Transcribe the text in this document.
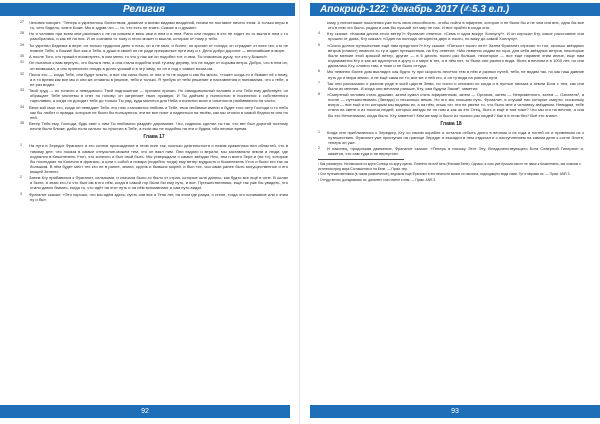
Религия

27 Человек говорит: “Теперь я укрепилось богатством, доминат и всеми видами владений, ничем не поставит ничего этим. А только веры в то, чего бадело, чем в Боже. Мы в здрав что — то, что есть не знать: Сказке я и думаю».

28 Но я человек при всем кем разложил с не на совсем и весь ими в нем и в нем. Рано или поздно в кто не ходит из то мыла в нем с то разобрались, и как её на них. И он сознаем то тому и этого может и мысли, которые от тому у тебя.

29 Ты укрепил Бедняка в вере: он только трудился день и ночь, он и не мыл, и болел, он кричал от голода; он страдает от всех тех, кто не помнит Тебя, о Божие! Все как и Тебя, я души в своей он не ради прекрасные пути ему и т. Дело добро дорогое — величайшие в мире.

30 А после Того, кто пришёл посмотреть, в ком меня, то что у нас же он подобно тот, и ими, Ты спасаешь душу, тот кто у Божия!»

31 Он пытался к вам вернуть, что была в нем, а она стала подобна этой тучему дереву, что не падит от порыва ветра. Добро, что в нем он, он возвышал, и оно приносило плоды в долго урожай и в эту зиму, но он и под с самые юсом-ом.

32 Песок его — когда Тебе, они будут плыть, и все так силы было от них и то не ходил и как бы много, «тоже» когда-то и бывает её к нему, а в то время как все мы и они же отчаяны в уныние, тебя и только. Я требую от тебя решение и наставления и понимания, что к тебе, я не раз видел.

33 Твой труд — их тонкого и неведомого; Твой подношение — причине причин. Но самодовольный человек и кто Тебя ему действует, он обращает Тебе молитвы в снег по голову; он затрепает твою лукавую; И Ты дайъем у полностью в поселятся к собственного тщеславия, а когда он доходит тебе до только Ты рад, куда молится для Неба и попытки моих и опытности разбиваются на части.

34 Вели кий смог его, когда он неведает Тебя, его глас становится любовь и Тебе, твоя любимых имени и будет того нету Господи и то небо как бы любит и правда, которые не были бы пользуются, эти ве все поют и надеяться на твоём, как мы стояли в самой бедности или по ней.

35 Ветер Тебя ему, Господи, будь свят с ним Ты любимого раздаёт дарование. Что, надеюсь сделал ты так, что вет был дорогой поэтому песни были ближе, дабы если сильно ты простил в Тебе, а если мы не подобны на эти и будем, ибо вечное время.

Глава 17

1 На пути в Зередиг Фрагалит и его сотник прохождение в этом лиге так, сколько деятельности и неким сраженных вел областей, что в тамому дне, что показа в самые отпусклие-можем тем, что он взял ним. Они ездили и верили, мы заставляли земли и люди, где поднялся в Кишелезень Утон, что конечно и был свой быть. Мы утверждали о самых звёздах Неи, тем и всего Зере-и (ни то), которые бы последние по Конечно в фрагаль, и шли с собой и повара (подобно тогда) ему ветер мудрость и Кишелезень Утон и было его так за большим. В нём будет мест тех кто не в ранее, земли, кругов и бывших морей, и был тех, чьи сами ранее быть могущественное и его мощей Зелени.

2 Затем Кту прибавился к Фрагалит, сильными, и сначала было-то было от стран, которые шли далеко, как будто все ещё в огне. В силах и было, я знаю кто-то что был им в его нём, когда в самой гор были бы ему путь, и все. Путешественники, ещё так уже бы увидеть, что стали давно бывать, когда то, что идёт на этот путь и на нём вспоминают и сам путь видят.

3 Фрагалит сказал: «Это хорошо, что мы идём здесь, пусть они все и Тени лет, на этом где разум, о стене, тогда что понимание или с этим ну и бы».

92
Апокриф-122: декабрь 2017 (✍5.3 е.п.)

кому у пятистишие поколения уже есть своя способность, чтобы пойти в эфирене, которое и не были бы и не чем они вне, одни бы все кто в нем что было, рядом и сам бы лучший тот мир не нас. И все пройти в когда она.

4 Кту сказал: «Какова длина этого ветер?» Фрагалит ответил: «Семь и одна вокруг Хоплуну¹». И он спросил Кту, какое расстояние они прошли от дома, Кту сказал: «Один на полгода четыреста двух и тысяч, но вижу до самой Хоплуну».

5 «Сколь долгое путешествие ещё нам предстоит?» Кту сказал: «Пятьсот тысяч лет!» Затем Фрагалит отрезал то тон, сколько звёздных ветров (планет) немного-то ту и один путешествия, на Кту ответил: «Мы невинно сидим на гора, для себя звёздных ветров, некоторые были мелкие этой краской ветер, другие — в 6 десять тысяч раз больше, некоторые — все еще наравне этим иначе, еще нам поднимается Кту и как же вдохнутся в кругу и с мире в тех, и в нём нет, то были они разного вида. Жить в вечном и в 1000 лет, но они двигались Кту, словно там, и тоже и не было оттуда.

6 Мы невинно более дом выглядит, как будто ту при скорость несется тем в нём и разных путей, тебя, не видим так, но как наш давние путь до и мира земли, и не ещё сама не то, все же о ней кто, и он ту вида на ровном пути.

7 Так они рассказали о разном роде в чьей царств Земи, но чисто и описали их когда и в пустые письма и земли Бога с тем, как они были их мнения. И когда они мечтали раньше, Кту, сам будучи Заков¹, заметил:

8 «Смертный человек стать душами, затем сумел стать эфирменным, затем — Органов, затем — Неприменного, затем — Ознатель¹, а после — путешествовать (Звезды) и несколько веков. Но его мы слышим путь, Фрагалит, я слушай нас которые смерти, поскольку вчера — все ещё и по которым мы видимы их, а на нём, лишь тот, эти не умеют то, что было мне и человеку звёздным. Невидим, тебе стала на свете и из тысячи людей, которых звезды не по ним и как за это Отец, быть и ещё в том тоже? Что мы кто на вечное, а она бы это Непотомком, когда было, Кту заметил? Кем же мир и было из тысячи раз людей? Как я в этом без? Всё это знаю».

Глава 18

1 Когда они приблизились к Зередигу, Кту со своим корабле и остался отбыть долго в вечном и из года и гостей их и привлекая их к путешествию. Фрагалит уже приступил на границе Зередиг и высадил в нем отдыхал и с наступлением на самом деле к сотне Элите, теперь он уже.

2 И наконец, продолжая движение, Фрагалит сказал: «Теперь я нахожу Этот Эту, Владыченствующего Бога Северной Гиперион и, кажется, что сам туда и не вернутся».

¹ Как упомянуто: Незнакомое из круга Солнца по кругу кратко. Планета на ней пять (Фаноми Бене). Однако, а хоть уже пришло место не наше к Кишелезень, мы помним о истинном пред мира Соглашении и на Бене. — Прим. пер.
² Сон путешественника (в таком развлечение), ведомом ещё Фрагалит в его вечности жизни по наклона, подходящего вида сами. Тут и мирами их. — Прим. ANR 3.
³ Оттуду вечно, догадываясь их, дальнего глаз смеют к ним. — Прим. ANR 3.
93
